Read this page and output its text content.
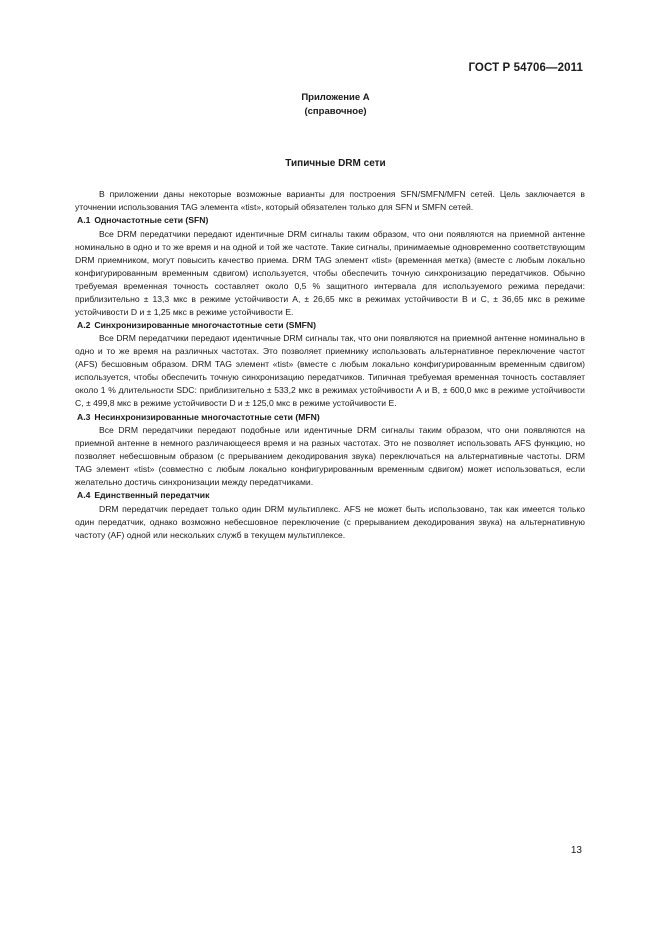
ГОСТ Р 54706—2011
Приложение А
(справочное)
Типичные DRM сети

В приложении даны некоторые возможные варианты для построения SFN/SMFN/MFN сетей. Цель заключается в уточнении использования TAG элемента «tist», который обязателен только для SFN и SMFN сетей.

А.1 Одночастотные сети (SFN)

Все DRM передатчики передают идентичные DRM сигналы таким образом, что они появляются на приемной антенне номинально в одно и то же время и на одной и той же частоте. Такие сигналы, принимаемые одновременно соответствующим DRM приемником, могут повысить качество приема. DRM TAG элемент «tist» (временная метка) (вместе с любым локально конфигурированным временным сдвигом) используется, чтобы обеспечить точную синхронизацию передатчиков. Обычно требуемая временная точность составляет около 0,5 % защитного интервала для используемого режима передачи: приблизительно ± 13,3 мкс в режиме устойчивости А, ± 26,65 мкс в режимах устойчивости В и С, ± 36,65 мкс в режиме устойчивости D и ± 1,25 мкс в режиме устойчивости Е.

А.2 Синхронизированные многочастотные сети (SMFN)

Все DRM передатчики передают идентичные DRM сигналы так, что они появляются на приемной антенне номинально в одно и то же время на различных частотах. Это позволяет приемнику использовать альтернативное переключение частот (AFS) бесшовным образом. DRM TAG элемент «tist» (вместе с любым локально конфигурированным временным сдвигом) используется, чтобы обеспечить точную синхронизацию передатчиков. Типичная требуемая временная точность составляет около 1 % длительности SDC: приблизительно ± 533,2 мкс в режимах устойчивости А и В, ± 600,0 мкс в режиме устойчивости С, ± 499,8 мкс в режиме устойчивости D и ± 125,0 мкс в режиме устойчивости Е.

А.3 Несинхронизированные многочастотные сети (MFN)

Все DRM передатчики передают подобные или идентичные DRM сигналы таким образом, что они появляются на приемной антенне в немного различающееся время и на разных частотах. Это не позволяет использовать AFS функцию, но позволяет небесшовным образом (с прерыванием декодирования звука) переключаться на альтернативные частоты. DRM TAG элемент «tist» (совместно с любым локально конфигурированным временным сдвигом) может использоваться, если желательно достичь синхронизации между передатчиками.

А.4 Единственный передатчик

DRM передатчик передает только один DRM мультиплекс. AFS не может быть использовано, так как имеется только один передатчик, однако возможно небесшовное переключение (с прерыванием декодирования звука) на альтернативную частоту (AF) одной или нескольких служб в текущем мультиплексе.

13
